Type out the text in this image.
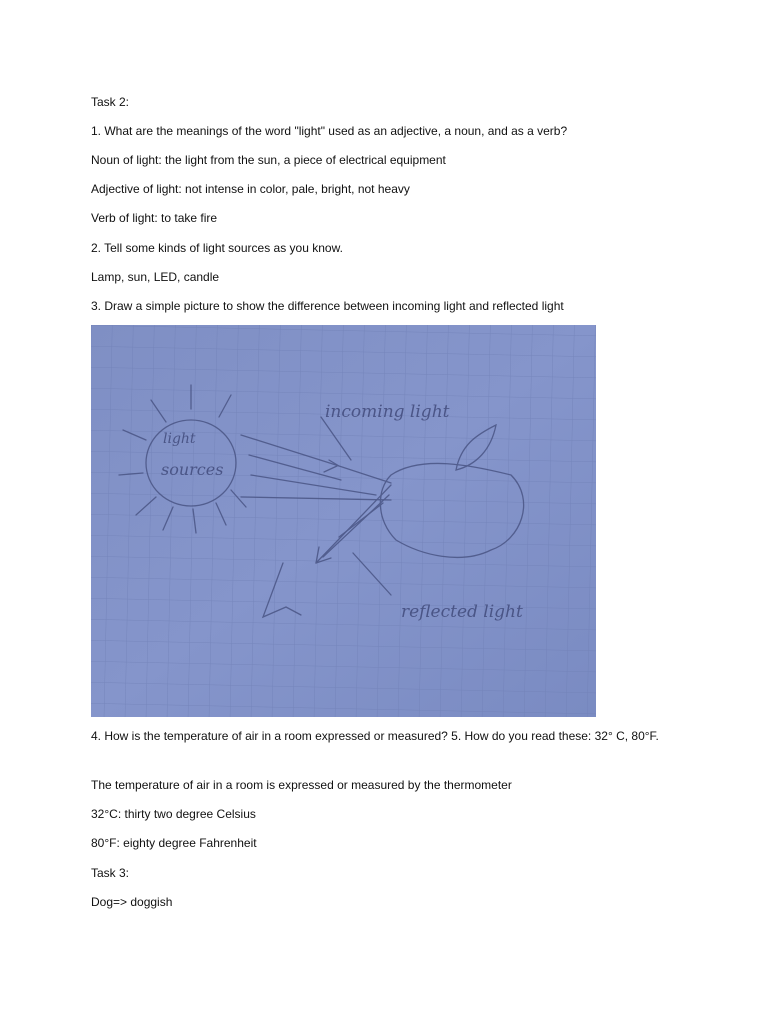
Task 2:
1. What are the meanings of the word "light" used as an adjective, a noun, and as a verb?
Noun of light: the light from the sun, a piece of electrical equipment
Adjective of light: not intense in color, pale, bright, not heavy
Verb of light: to take fire
2. Tell some kinds of light sources as you know.
Lamp, sun, LED, candle
3. Draw a simple picture to show the difference between incoming light and reflected light
light
sources
incoming light
reflected light
4. How is the temperature of air in a room expressed or measured? 5. How do you read these: 32° C, 80°F.
The temperature of air in a room is expressed or measured by the thermometer
32°C: thirty two degree Celsius
80°F: eighty degree Fahrenheit
Task 3:
Dog=> doggish
